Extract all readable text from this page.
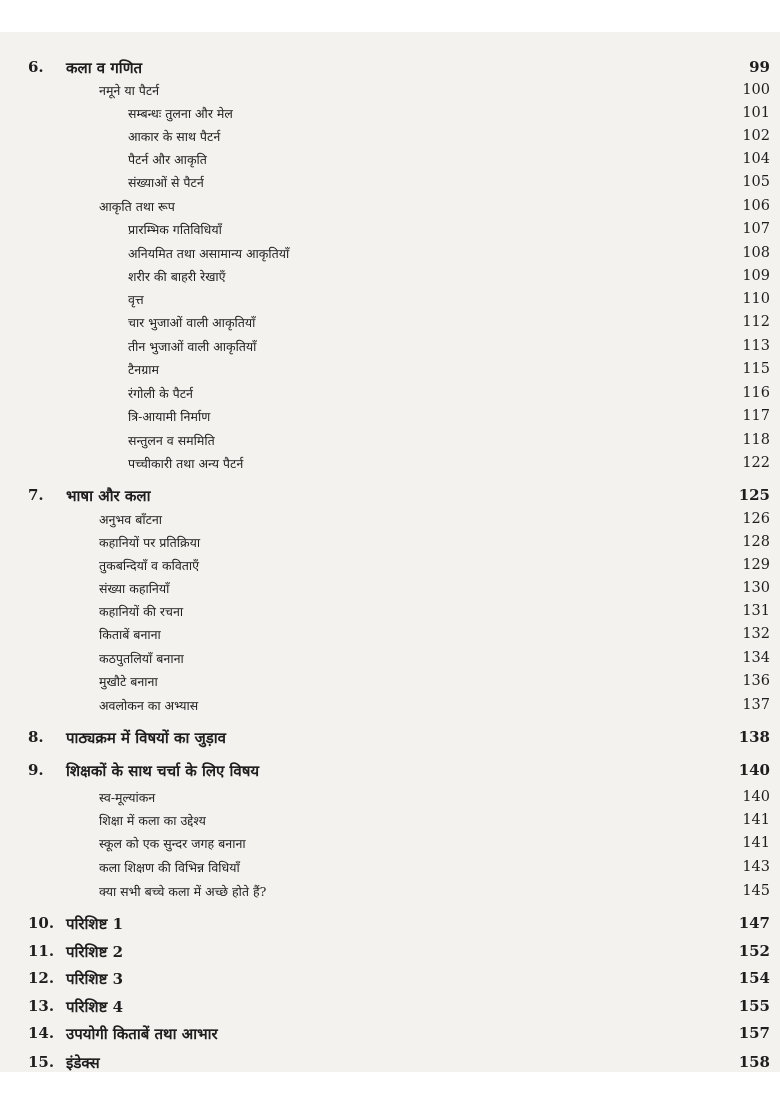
6.	कला व गणित	99
नमूने या पैटर्न	100
सम्बन्धः तुलना और मेल	101
आकार के साथ पैटर्न	102
पैटर्न और आकृति	104
संख्याओं से पैटर्न	105
आकृति तथा रूप	106
प्रारम्भिक गतिविधियाँ	107
अनियमित तथा असामान्य आकृतियाँ	108
शरीर की बाहरी रेखाएँ	109
वृत्त	110
चार भुजाओं वाली आकृतियाँ	112
तीन भुजाओं वाली आकृतियाँ	113
टैनग्राम	115
रंगोली के पैटर्न	116
त्रि-आयामी निर्माण	117
सन्तुलन व सममिति	118
पच्चीकारी तथा अन्य पैटर्न	122
7.	भाषा और कला	125
अनुभव बाँटना	126
कहानियों पर प्रतिक्रिया	128
तुकबन्दियाँ व कविताएँ	129
संख्या कहानियाँ	130
कहानियों की रचना	131
किताबें बनाना	132
कठपुतलियाँ बनाना	134
मुखौटे बनाना	136
अवलोकन का अभ्यास	137
8.	पाठ्यक्रम में विषयों का जुड़ाव	138
9.	शिक्षकों के साथ चर्चा के लिए विषय	140
स्व-मूल्यांकन	140
शिक्षा में कला का उद्देश्य	141
स्कूल को एक सुन्दर जगह बनाना	141
कला शिक्षण की विभिन्न विधियाँ	143
क्या सभी बच्चे कला में अच्छे होते हैं?	145
10. परिशिष्ट 1	147
11. परिशिष्ट 2	152
12. परिशिष्ट 3	154
13. परिशिष्ट 4	155
14. उपयोगी किताबें तथा आभार	157
15. इंडेक्स	158
